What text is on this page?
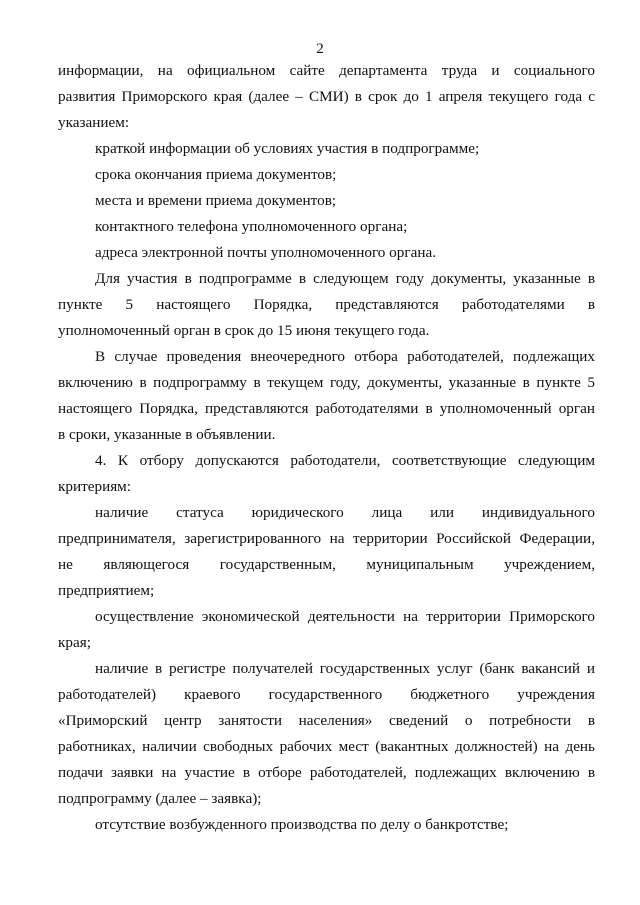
2
информации, на официальном сайте департамента труда и социального
развития Приморского края (далее – СМИ) в срок до 1 апреля текущего года с
указанием:
краткой информации об условиях участия в подпрограмме;
срока окончания приема документов;
места и времени приема документов;
контактного телефона уполномоченного органа;
адреса электронной почты уполномоченного органа.
Для участия в подпрограмме в следующем году документы, указанные в
пункте 5 настоящего Порядка, представляются работодателями в
уполномоченный орган в срок до 15 июня текущего года.
В случае проведения внеочередного отбора работодателей, подлежащих
включению в подпрограмму в текущем году, документы, указанные в пункте 5
настоящего Порядка, представляются работодателями в уполномоченный орган
в сроки, указанные в объявлении.
4. К отбору допускаются работодатели, соответствующие следующим
критериям:
наличие статуса юридического лица или индивидуального
предпринимателя, зарегистрированного на территории Российской Федерации,
не являющегося государственным, муниципальным учреждением,
предприятием;
осуществление экономической деятельности на территории Приморского
края;
наличие в регистре получателей государственных услуг (банк вакансий и
работодателей) краевого государственного бюджетного учреждения
«Приморский центр занятости населения» сведений о потребности в
работниках, наличии свободных рабочих мест (вакантных должностей) на день
подачи заявки на участие в отборе работодателей, подлежащих включению в
подпрограмму (далее – заявка);
отсутствие возбужденного производства по делу о банкротстве;
